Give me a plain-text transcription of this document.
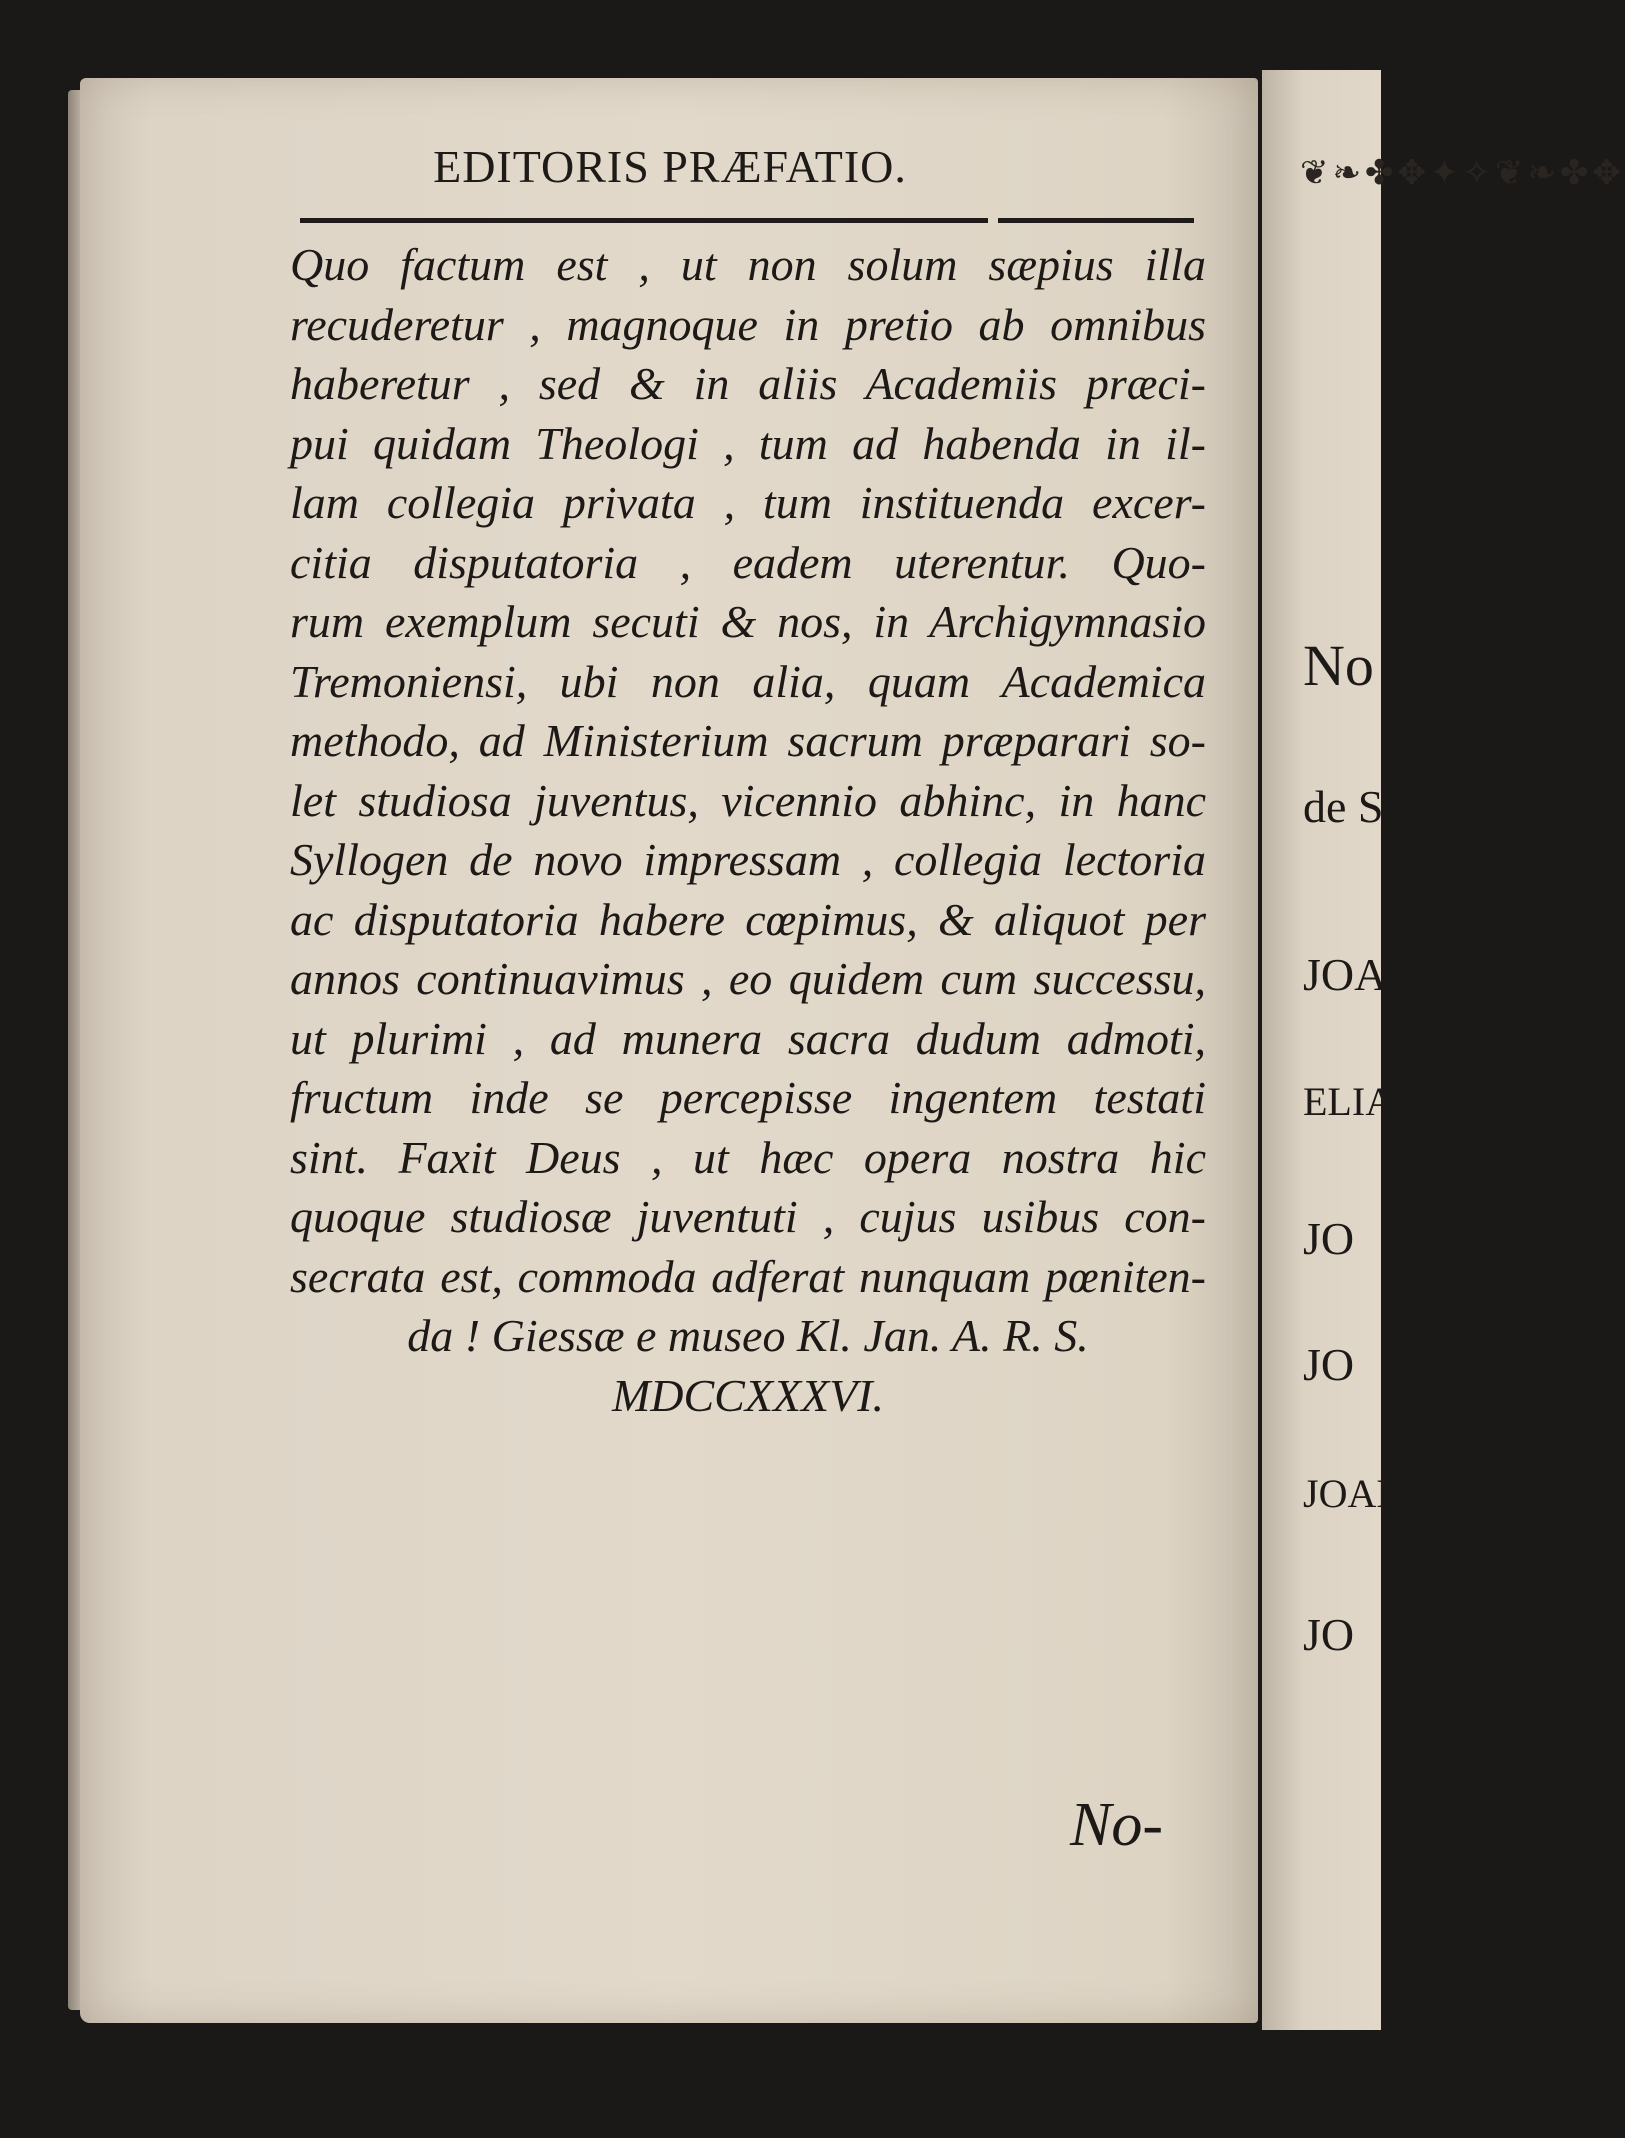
EDITORIS PRÆFATIO.
Quo factum est , ut non solum sæpius illa
recuderetur , magnoque in pretio ab omnibus
haberetur , sed & in aliis Academiis præci-
pui quidam Theologi , tum ad habenda in il-
lam collegia privata , tum instituenda excer-
citia disputatoria , eadem uterentur. Quo-
rum exemplum secuti & nos, in Archigymnasio
Tremoniensi, ubi non alia, quam Academica
methodo, ad Ministerium sacrum præparari so-
let studiosa juventus, vicennio abhinc, in hanc
Syllogen de novo impressam , collegia lectoria
ac disputatoria habere cœpimus, & aliquot per
annos continuavimus , eo quidem cum successu,
ut plurimi , ad munera sacra dudum admoti,
fructum inde se percepisse ingentem testati
sint. Faxit Deus , ut hæc opera nostra hic
quoque studiosæ juventuti , cujus usibus con-
secrata est, commoda adferat nunquam pœniten-
da ! Giessæ e museo Kl. Jan. A. R. S.
MDCCXXXVI.
No-
❦❧✤✥✦✧❦❧✤✥
No
de S
JOA
ELIA
JO
JO
JOAN
JO
